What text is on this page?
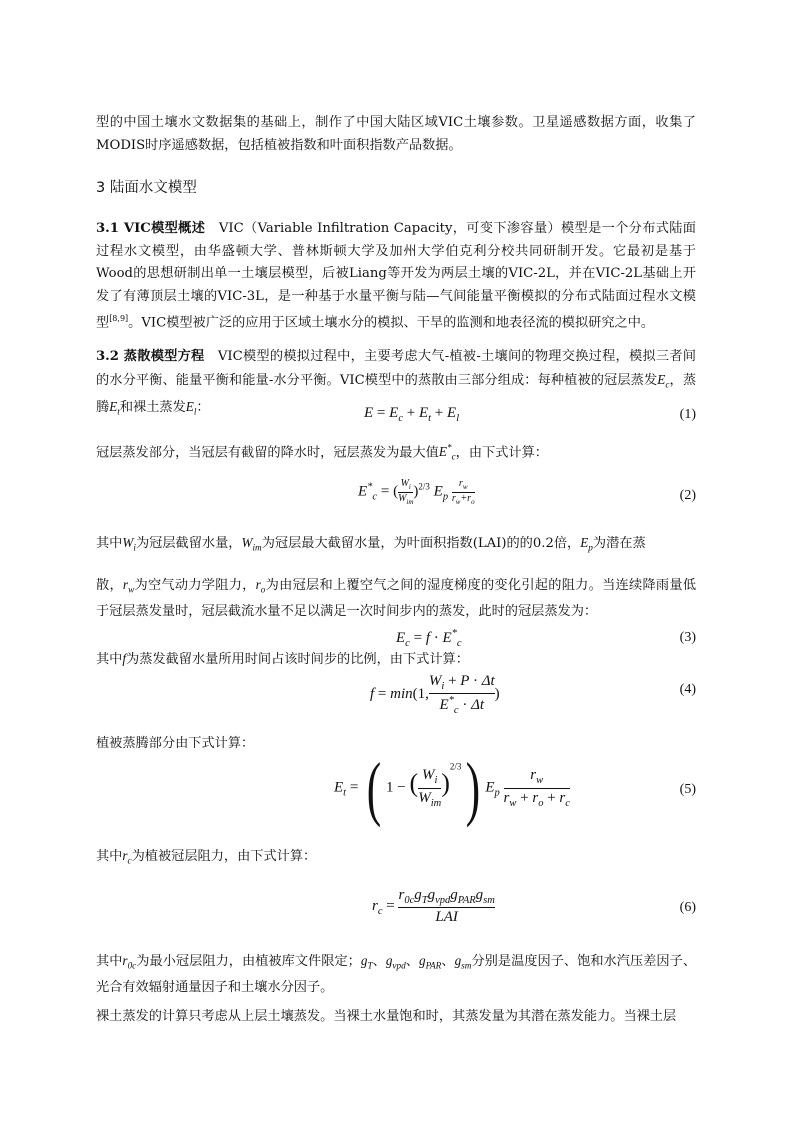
型的中国土壤水文数据集的基础上，制作了中国大陆区域VIC土壤参数。卫星遥感数据方面，收集了MODIS时序遥感数据，包括植被指数和叶面积指数产品数据。

3 陆面水文模型

3.1 VIC模型概述 VIC（Variable Infiltration Capacity，可变下渗容量）模型是一个分布式陆面过程水文模型，由华盛顿大学、普林斯顿大学及加州大学伯克利分校共同研制开发。它最初是基于Wood的思想研制出单一土壤层模型，后被Liang等开发为两层土壤的VIC-2L，并在VIC-2L基础上开发了有薄顶层土壤的VIC-3L，是一种基于水量平衡与陆—气间能量平衡模拟的分布式陆面过程水文模型[8,9]。VIC模型被广泛的应用于区域土壤水分的模拟、干旱的监测和地表径流的模拟研究之中。

3.2 蒸散模型方程 VIC模型的模拟过程中，主要考虑大气-植被-土壤间的物理交换过程，模拟三者间的水分平衡、能量平衡和能量-水分平衡。VIC模型中的蒸散由三部分组成：每种植被的冠层蒸发$E_c$，蒸腾$E_t$和裸土蒸发$E_l$：	$E = E_c + E_t + E_l$	(1)

冠层蒸发部分，当冠层有截留的降水时，冠层蒸发为最大值$E^*_c$，由下式计算：

$E^*_c$ = ( $\frac{W_i}{W_{im}} )^{2/3}$ $E_p \frac{r_w}{r_w+r_o}$	(2)

其中$W_i$为冠层截留水量，$W_{im}$为冠层最大截留水量，为叶面积指数(LAI)的的0.2倍，$E_p$为潜在蒸

散，$r_w$为空气动力学阻力，$r_o$为由冠层和上覆空气之间的湿度梯度的变化引起的阻力。当连续降雨量低于冠层蒸发量时，冠层截流水量不足以满足一次时间步内的蒸发，此时的冠层蒸发为：

$E_c = f \cdot E^*_c$	(3)

其中f为蒸发截留水量所用时间占该时间步的比例，由下式计算：

f = min(1, $\frac{W_i + P \cdot \Delta t}{E^*_c \cdot \Delta t}$ )	(4)

植被蒸腾部分由下式计算：

$E_t$ = ( 1 − ( $\frac{W_i}{W_{im}} )^{2/3}$) $E_p \frac{r_w}{r_w + r_o + r_c}$	(5)

其中$r_c$为植被冠层阻力，由下式计算：

$r_c = \frac{r_{0c}g_Tg_{vpd}g_{PAR}g_{sm}}{\text{LAI}}$	(6)

其中$r_{0c}$为最小冠层阻力，由植被库文件限定；$g_T$、$g_{vpd}$、$g_{PAR}$、$g_{sm}$分别是温度因子、饱和水汽压差因子、光合有效辐射通量因子和土壤水分因子。

裸土蒸发的计算只考虑从上层土壤蒸发。当裸土水量饱和时，其蒸发量为其潜在蒸发能力。当裸土层
